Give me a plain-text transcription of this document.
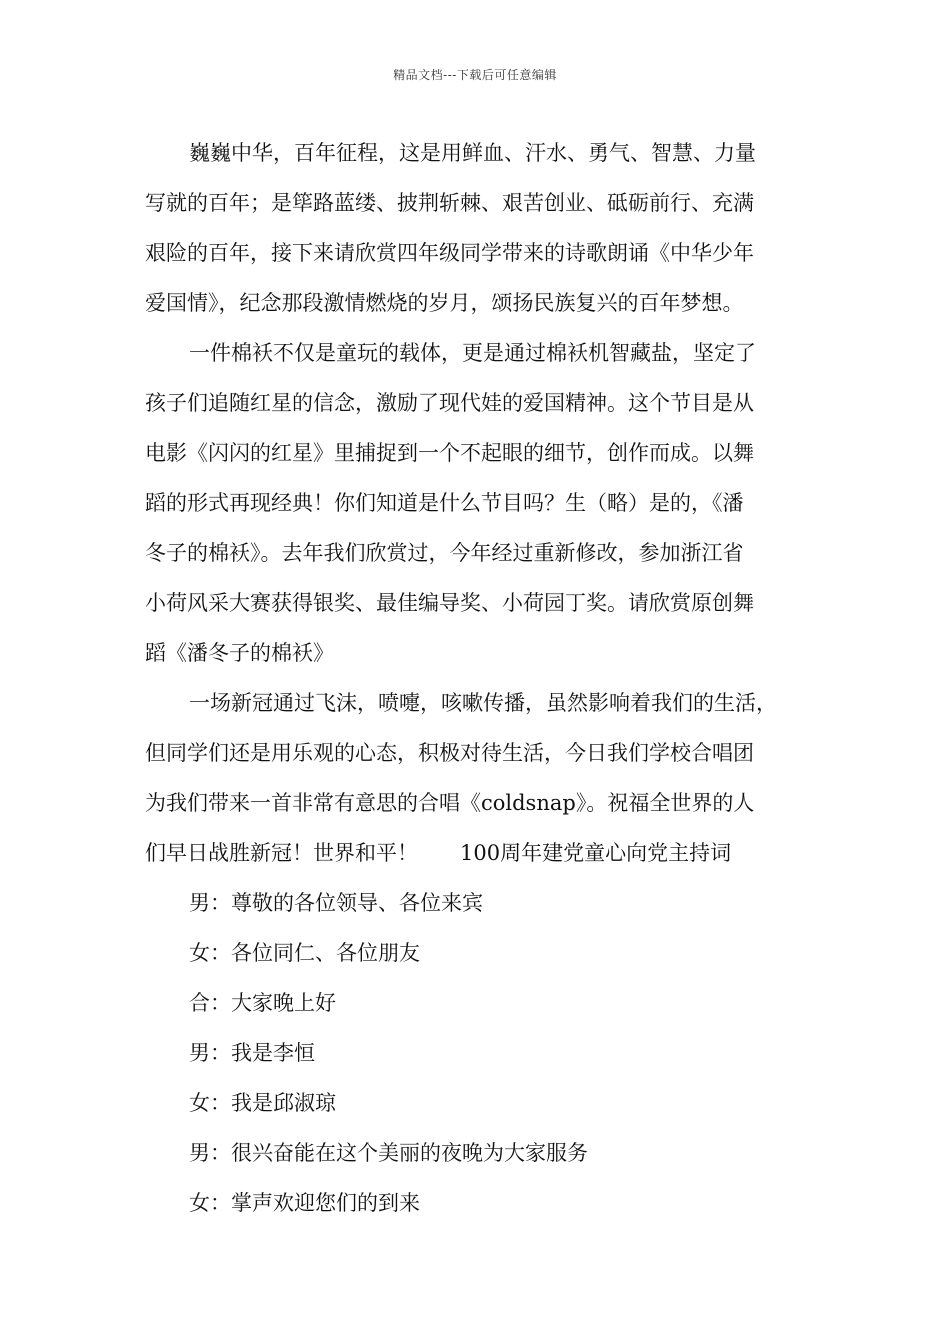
精品文档---下载后可任意编辑
巍巍中华，百年征程，这是用鲜血、汗水、勇气、智慧、力量
写就的百年；是筚路蓝缕、披荆斩棘、艰苦创业、砥砺前行、充满
艰险的百年，接下来请欣赏四年级同学带来的诗歌朗诵《中华少年
爱国情》，纪念那段激情燃烧的岁月，颂扬民族复兴的百年梦想。
一件棉袄不仅是童玩的载体，更是通过棉袄机智藏盐，坚定了
孩子们追随红星的信念，激励了现代娃的爱国精神。这个节目是从
电影《闪闪的红星》里捕捉到一个不起眼的细节，创作而成。以舞
蹈的形式再现经典！你们知道是什么节目吗？生（略）是的，《潘
冬子的棉袄》。去年我们欣赏过，今年经过重新修改，参加浙江省
小荷风采大赛获得银奖、最佳编导奖、小荷园丁奖。请欣赏原创舞
蹈《潘冬子的棉袄》
一场新冠通过飞沫，喷嚏，咳嗽传播，虽然影响着我们的生活，
但同学们还是用乐观的心态，积极对待生活，今日我们学校合唱团
为我们带来一首非常有意思的合唱《coldsnap》。祝福全世界的人
们早日战胜新冠！世界和平！　　100周年建党童心向党主持词
男：尊敬的各位领导、各位来宾
女：各位同仁、各位朋友
合：大家晚上好
男：我是李恒
女：我是邱淑琼
男：很兴奋能在这个美丽的夜晚为大家服务
女：掌声欢迎您们的到来
